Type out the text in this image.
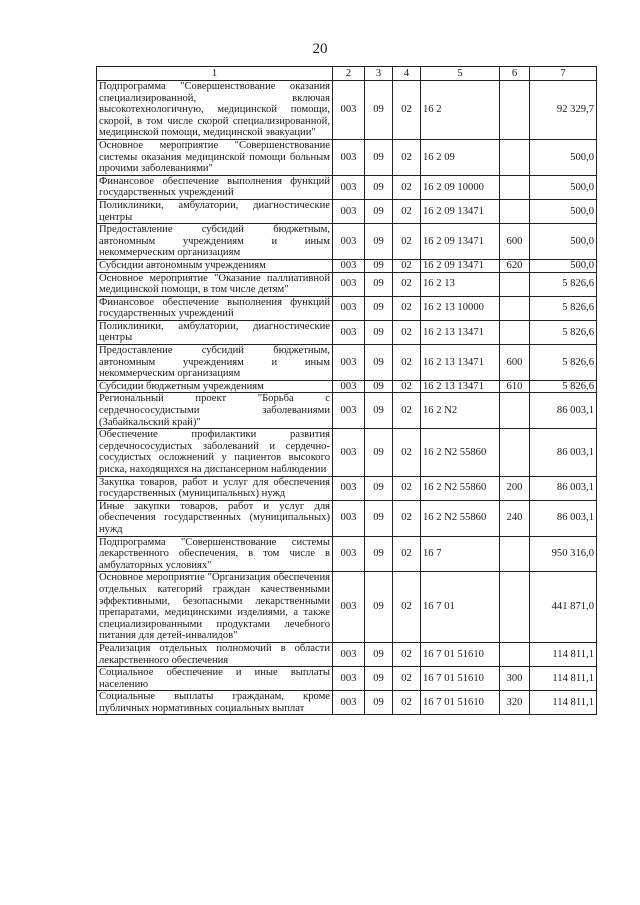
20
1	2	3	4	5	6	7
Подпрограмма "Совершенствование оказания специализированной, включая высокотехнологичную, медицинской помощи, скорой, в том числе скорой специализированной, медицинской помощи, медицинской эвакуации"	003	09	02	16 2		92 329,7
Основное мероприятие "Совершенствование системы оказания медицинской помощи больным прочими заболеваниями"	003	09	02	16 2 09		500,0
Финансовое обеспечение выполнения функций государственных учреждений	003	09	02	16 2 09 10000		500,0
Поликлиники, амбулатории, диагностические центры	003	09	02	16 2 09 13471		500,0
Предоставление субсидий бюджетным, автономным учреждениям и иным некоммерческим организациям	003	09	02	16 2 09 13471	600	500,0
Субсидии автономным учреждениям	003	09	02	16 2 09 13471	620	500,0
Основное мероприятие "Оказание паллиативной медицинской помощи, в том числе детям"	003	09	02	16 2 13		5 826,6
Финансовое обеспечение выполнения функций государственных учреждений	003	09	02	16 2 13 10000		5 826,6
Поликлиники, амбулатории, диагностические центры	003	09	02	16 2 13 13471		5 826,6
Предоставление субсидий бюджетным, автономным учреждениям и иным некоммерческим организациям	003	09	02	16 2 13 13471	600	5 826,6
Субсидии бюджетным учреждениям	003	09	02	16 2 13 13471	610	5 826,6
Региональный проект "Борьба с сердечнососудистыми заболеваниями (Забайкальский край)"	003	09	02	16 2 N2		86 003,1
Обеспечение профилактики развития сердечнососудистых заболеваний и сердечно-сосудистых осложнений у пациентов высокого риска, находящихся на диспансерном наблюдении	003	09	02	16 2 N2 55860		86 003,1
Закупка товаров, работ и услуг для обеспечения государственных (муниципальных) нужд	003	09	02	16 2 N2 55860	200	86 003,1
Иные закупки товаров, работ и услуг для обеспечения государственных (муниципальных) нужд	003	09	02	16 2 N2 55860	240	86 003,1
Подпрограмма "Совершенствование системы лекарственного обеспечения, в том числе в амбулаторных условиях"	003	09	02	16 7		950 316,0
Основное мероприятие "Организация обеспечения отдельных категорий граждан качественными эффективными, безопасными лекарственными препаратами, медицинскими изделиями, а также специализированными продуктами лечебного питания для детей-инвалидов"	003	09	02	16 7 01		441 871,0
Реализация отдельных полномочий в области лекарственного обеспечения	003	09	02	16 7 01 51610		114 811,1
Социальное обеспечение и иные выплаты населению	003	09	02	16 7 01 51610	300	114 811,1
Социальные выплаты гражданам, кроме публичных нормативных социальных выплат	003	09	02	16 7 01 51610	320	114 811,1
